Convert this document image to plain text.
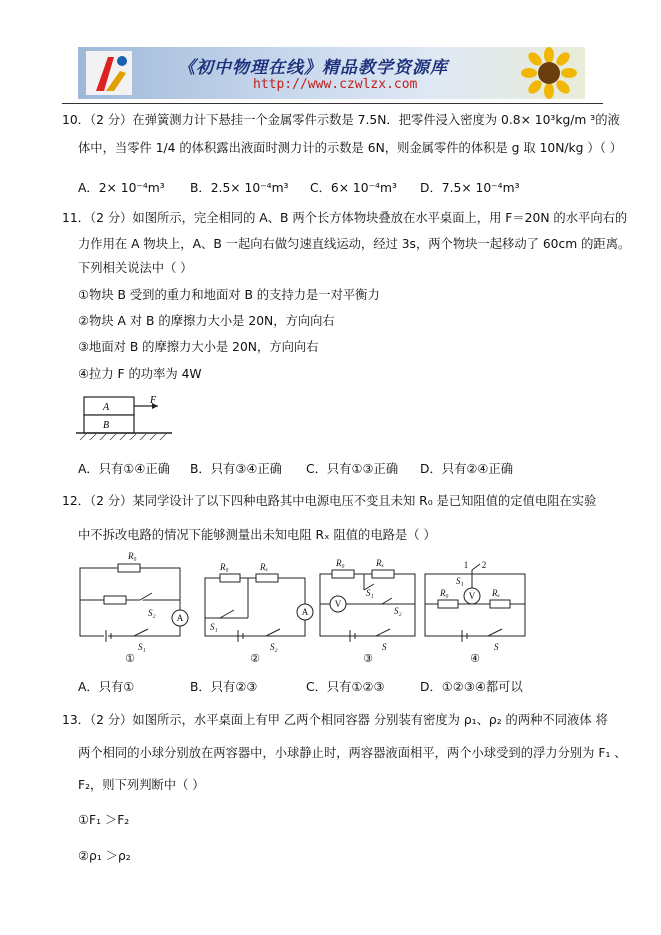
《初中物理在线》精品教学资源库
http://www.czwlzx.com
10．（2 分）在弹簧测力计下悬挂一个金属零件示数是 7.5N．把零件浸入密度为 0.8× 10³kg/m ³的液
体中，当零件 1/4 的体积露出液面时测力计的示数是 6N，则金属零件的体积是 g 取 10N/kg ）（ ）
A．2× 10⁻⁴m³ B．2.5× 10⁻⁴m³ C．6× 10⁻⁴m³ D．7.5× 10⁻⁴m³
11．（2 分）如图所示，完全相同的 A、B 两个长方体物块叠放在水平桌面上，用 F＝20N 的水平向右的
力作用在 A 物块上，A、B 一起向右做匀速直线运动，经过 3s，两个物块一起移动了 60cm 的距离。
下列相关说法中（ ）
①物块 B 受到的重力和地面对 B 的支持力是一对平衡力
②物块 A 对 B 的摩擦力大小是 20N，方向向右
③地面对 B 的摩擦力大小是 20N，方向向右
④拉力 F 的功率为 4W
A
B
F
A．只有①④正确 B．只有③④正确 C．只有①③正确 D．只有②④正确
12．（2 分）某同学设计了以下四种电路其中电源电压不变且未知 R₀ 是已知阻值的定值电阻在实验
中不拆改电路的情况下能够测量出未知电阻 Rₓ 阻值的电路是（ ）
R₀
S₂
S₁
R₀	Rₓ
S₁
S₂
R₀	Rₓ
S₁
S₂
S
R₀	Rₓ
S₁
S
A
A
V
V
1 2
①	②	③	④
A．只有①	B．只有②③	C．只有①②③	D．①②③④都可以
13．（2 分）如图所示，水平桌面上有甲 乙两个相同容器 分别装有密度为 ρ₁、ρ₂ 的两种不同液体 将
两个相同的小球分别放在两容器中，小球静止时，两容器液面相平，两个小球受到的浮力分别为 F₁ 、
F₂，则下列判断中（ ）
①F₁ ＞F₂
②ρ₁ ＞ρ₂
